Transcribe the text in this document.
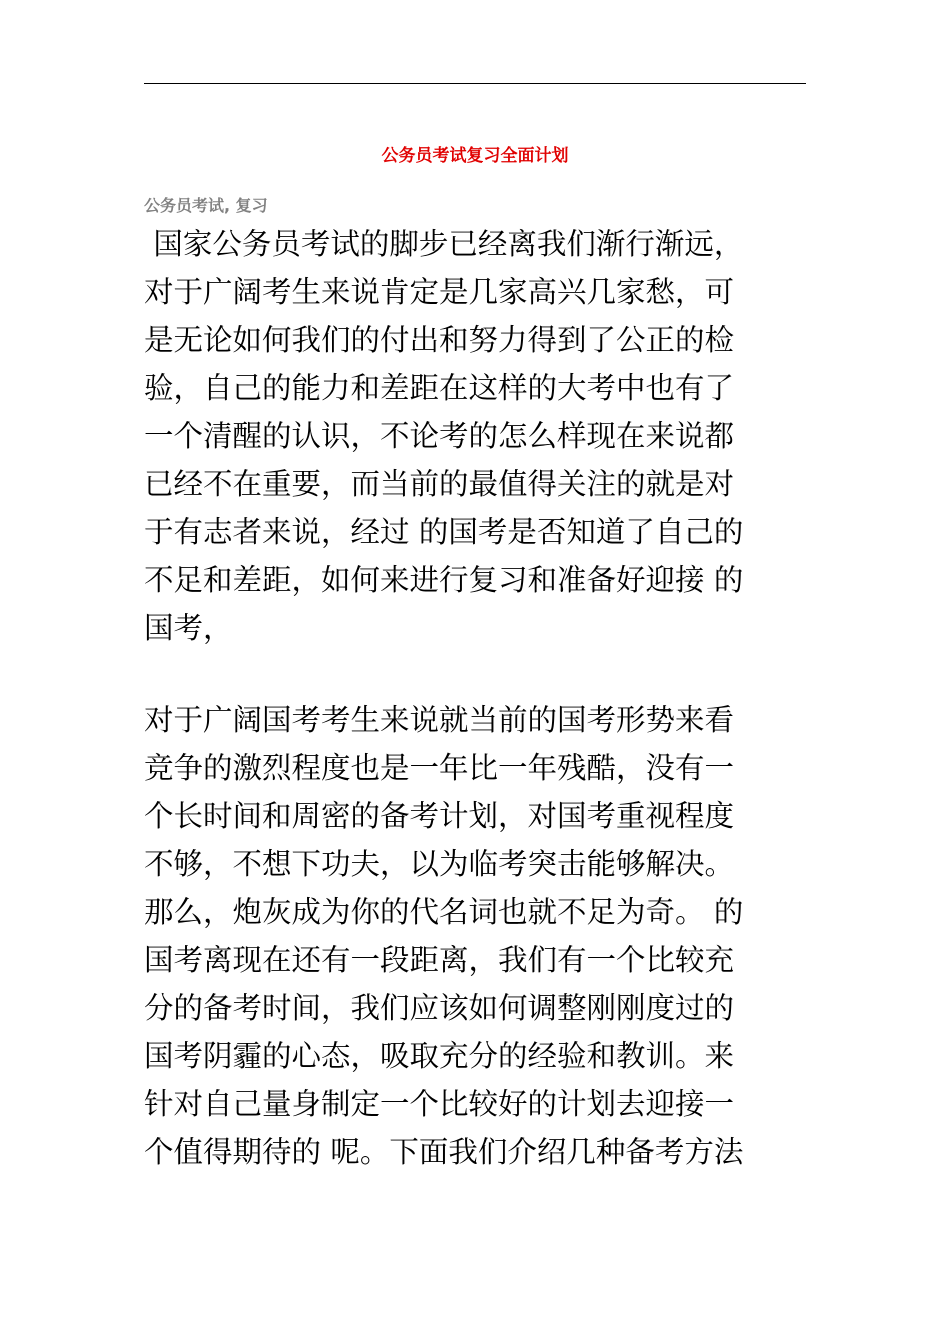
公务员考试复习全面计划
公务员考试, 复习
国家公务员考试的脚步已经离我们渐行渐远，
对于广阔考生来说肯定是几家高兴几家愁，可
是无论如何我们的付出和努力得到了公正的检
验，自己的能力和差距在这样的大考中也有了
一个清醒的认识，不论考的怎么样现在来说都
已经不在重要，而当前的最值得关注的就是对
于有志者来说，经过 的国考是否知道了自己的
不足和差距，如何来进行复习和准备好迎接 的
国考，
对于广阔国考考生来说就当前的国考形势来看
竞争的激烈程度也是一年比一年残酷，没有一
个长时间和周密的备考计划，对国考重视程度
不够，不想下功夫，以为临考突击能够解决。
那么，炮灰成为你的代名词也就不足为奇。 的
国考离现在还有一段距离，我们有一个比较充
分的备考时间，我们应该如何调整刚刚度过的
国考阴霾的心态，吸取充分的经验和教训。来
针对自己量身制定一个比较好的计划去迎接一
个值得期待的 呢。下面我们介绍几种备考方法
